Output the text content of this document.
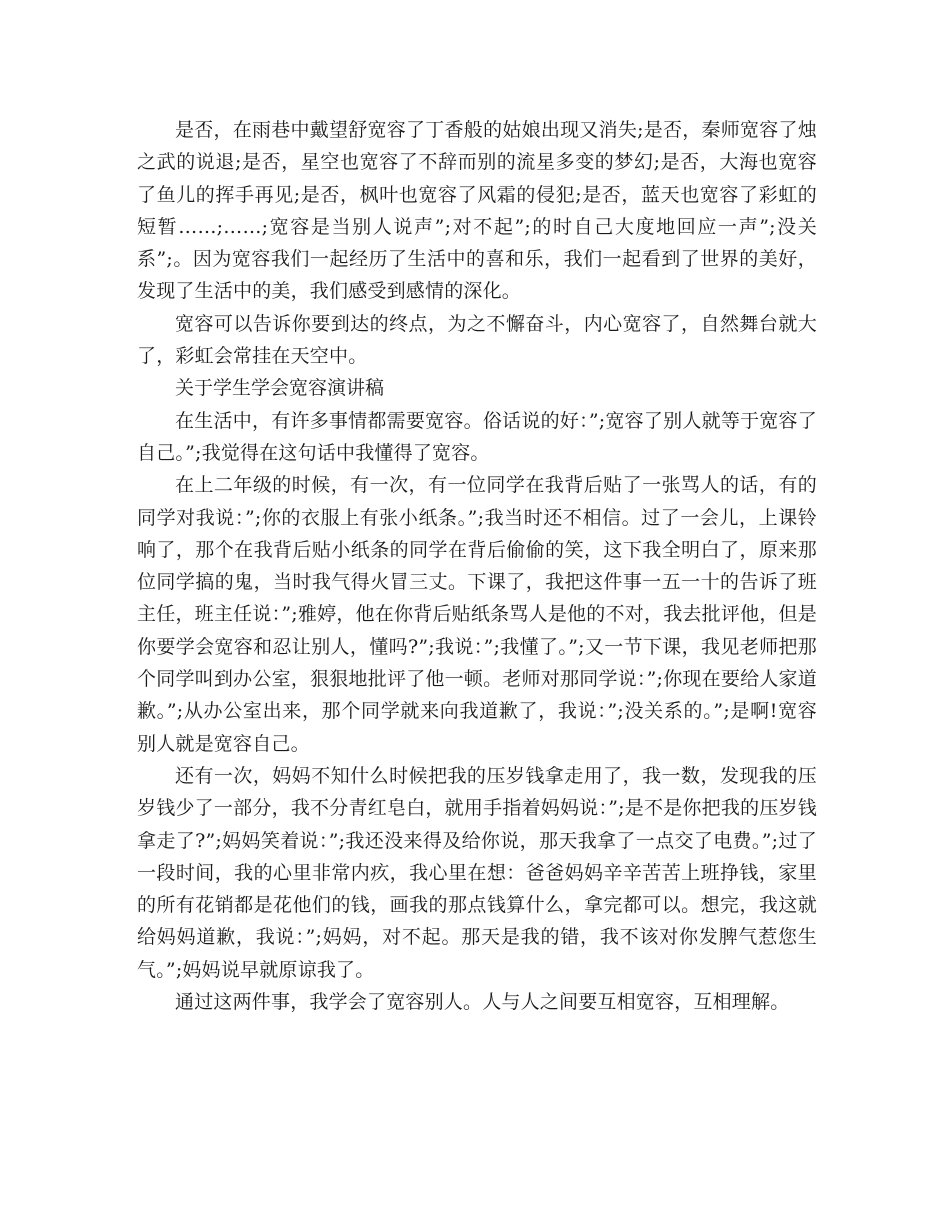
是否，在雨巷中戴望舒宽容了丁香般的姑娘出现又消失;是否，秦师宽容了烛之武的说退;是否，星空也宽容了不辞而别的流星多变的梦幻;是否，大海也宽容了鱼儿的挥手再见;是否，枫叶也宽容了风霜的侵犯;是否，蓝天也宽容了彩虹的短暂……;……;宽容是当别人说声”;对不起”;的时自己大度地回应一声”;没关系”;。因为宽容我们一起经历了生活中的喜和乐，我们一起看到了世界的美好，发现了生活中的美，我们感受到感情的深化。

宽容可以告诉你要到达的终点，为之不懈奋斗，内心宽容了，自然舞台就大了，彩虹会常挂在天空中。

关于学生学会宽容演讲稿

在生活中，有许多事情都需要宽容。俗话说的好：”;宽容了别人就等于宽容了自己。”;我觉得在这句话中我懂得了宽容。

在上二年级的时候，有一次，有一位同学在我背后贴了一张骂人的话，有的同学对我说：”;你的衣服上有张小纸条。”;我当时还不相信。过了一会儿，上课铃响了，那个在我背后贴小纸条的同学在背后偷偷的笑，这下我全明白了，原来那位同学搞的鬼，当时我气得火冒三丈。下课了，我把这件事一五一十的告诉了班主任，班主任说：”;雅婷，他在你背后贴纸条骂人是他的不对，我去批评他，但是你要学会宽容和忍让别人，懂吗?”;我说：”;我懂了。”;又一节下课，我见老师把那个同学叫到办公室，狠狠地批评了他一顿。老师对那同学说：”;你现在要给人家道歉。”;从办公室出来，那个同学就来向我道歉了，我说：”;没关系的。”;是啊!宽容别人就是宽容自己。

还有一次，妈妈不知什么时候把我的压岁钱拿走用了，我一数，发现我的压岁钱少了一部分，我不分青红皂白，就用手指着妈妈说：”;是不是你把我的压岁钱拿走了?”;妈妈笑着说：”;我还没来得及给你说，那天我拿了一点交了电费。”;过了一段时间，我的心里非常内疚，我心里在想：爸爸妈妈辛辛苦苦上班挣钱，家里的所有花销都是花他们的钱，画我的那点钱算什么，拿完都可以。想完，我这就给妈妈道歉，我说：”;妈妈，对不起。那天是我的错，我不该对你发脾气惹您生气。”;妈妈说早就原谅我了。

通过这两件事，我学会了宽容别人。人与人之间要互相宽容，互相理解。
